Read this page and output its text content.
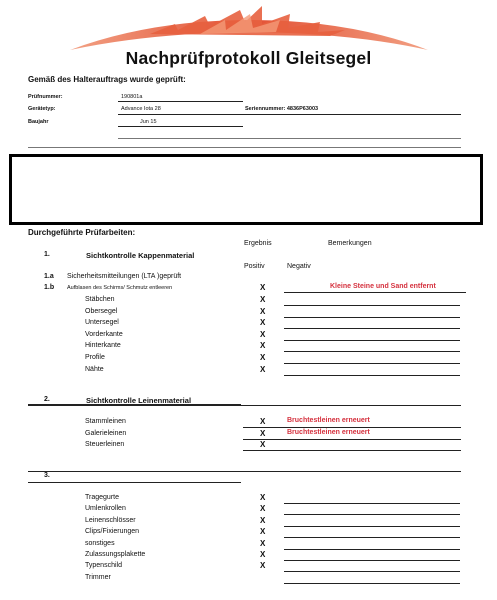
Nachprüfprotokoll Gleitsegel
Gemäß des Halterauftrags wurde geprüft:
Prüfnummer:	190801a
Gerätetyp:	Advance Iota 28	Seriennummer: 4836P63003
Baujahr	Jun 15
Durchgeführte Prüfarbeiten:
Ergebnis	Bemerkungen
Positiv	Negativ
1.	Sichtkontrolle Kappenmaterial
1.a Sicherheitsmitteilungen (LTA )geprüft
1.b Aufblasen des Schirms/ Schmutz entleeren	X	Kleine Steine und Sand entfernt
Stäbchen	X
Obersegel	X
Untersegel	X
Vorderkante	X
Hinterkante	X
Profile	X
Nähte	X
2.	Sichtkontrolle Leinenmaterial
Stammleinen	X	Bruchtestleinen erneuert
Galerieleinen	X	Bruchtestleinen erneuert
Steuerleinen	X
3.
Tragegurte	X
Umlenkrollen	X
Leinenschlösser	X
Clips/Fixierungen	X
sonstiges	X
Zulassungsplakette	X
Typenschild	X
Trimmer
